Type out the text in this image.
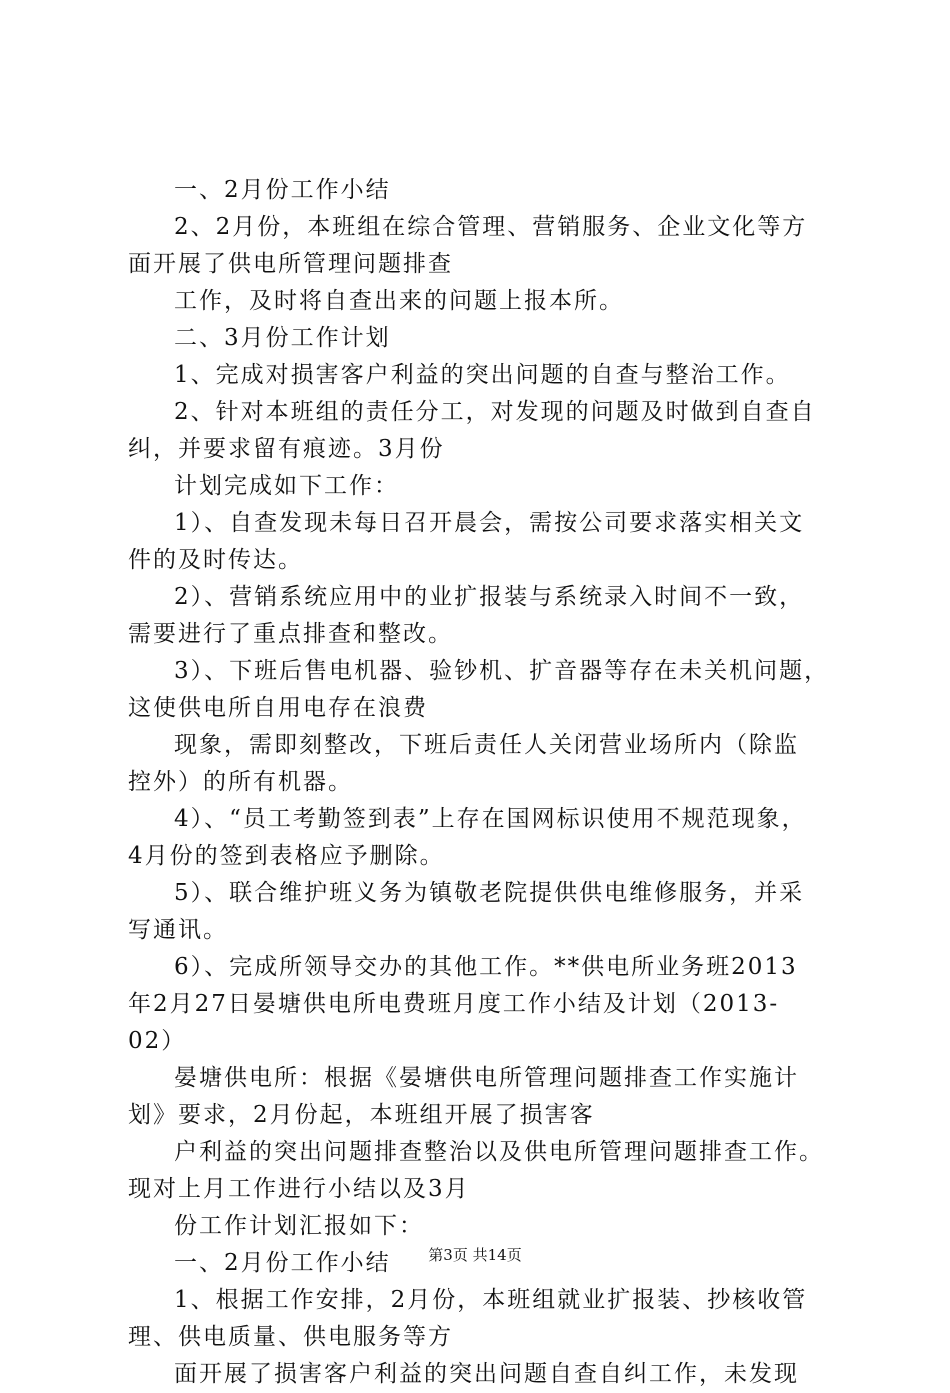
一、2月份工作小结
2、2月份，本班组在综合管理、营销服务、企业文化等方
面开展了供电所管理问题排查
工作，及时将自查出来的问题上报本所。
二、3月份工作计划
1、完成对损害客户利益的突出问题的自查与整治工作。
2、针对本班组的责任分工，对发现的问题及时做到自查自
纠，并要求留有痕迹。3月份
计划完成如下工作：
1）、自查发现未每日召开晨会，需按公司要求落实相关文
件的及时传达。
2）、营销系统应用中的业扩报装与系统录入时间不一致，
需要进行了重点排查和整改。
3）、下班后售电机器、验钞机、扩音器等存在未关机问题，
这使供电所自用电存在浪费
现象，需即刻整改，下班后责任人关闭营业场所内（除监
控外）的所有机器。
4）、“员工考勤签到表”上存在国网标识使用不规范现象，
4月份的签到表格应予删除。
5）、联合维护班义务为镇敬老院提供供电维修服务，并采
写通讯。
6）、完成所领导交办的其他工作。**供电所业务班2013
年2月27日晏塘供电所电费班月度工作小结及计划（2013-
02）
晏塘供电所：根据《晏塘供电所管理问题排查工作实施计
划》要求，2月份起，本班组开展了损害客
户利益的突出问题排查整治以及供电所管理问题排查工作。
现对上月工作进行小结以及3月
份工作计划汇报如下：
一、2月份工作小结
1、根据工作安排，2月份，本班组就业扩报装、抄核收管
理、供电质量、供电服务等方
面开展了损害客户利益的突出问题自查自纠工作，未发现
第3页 共14页
